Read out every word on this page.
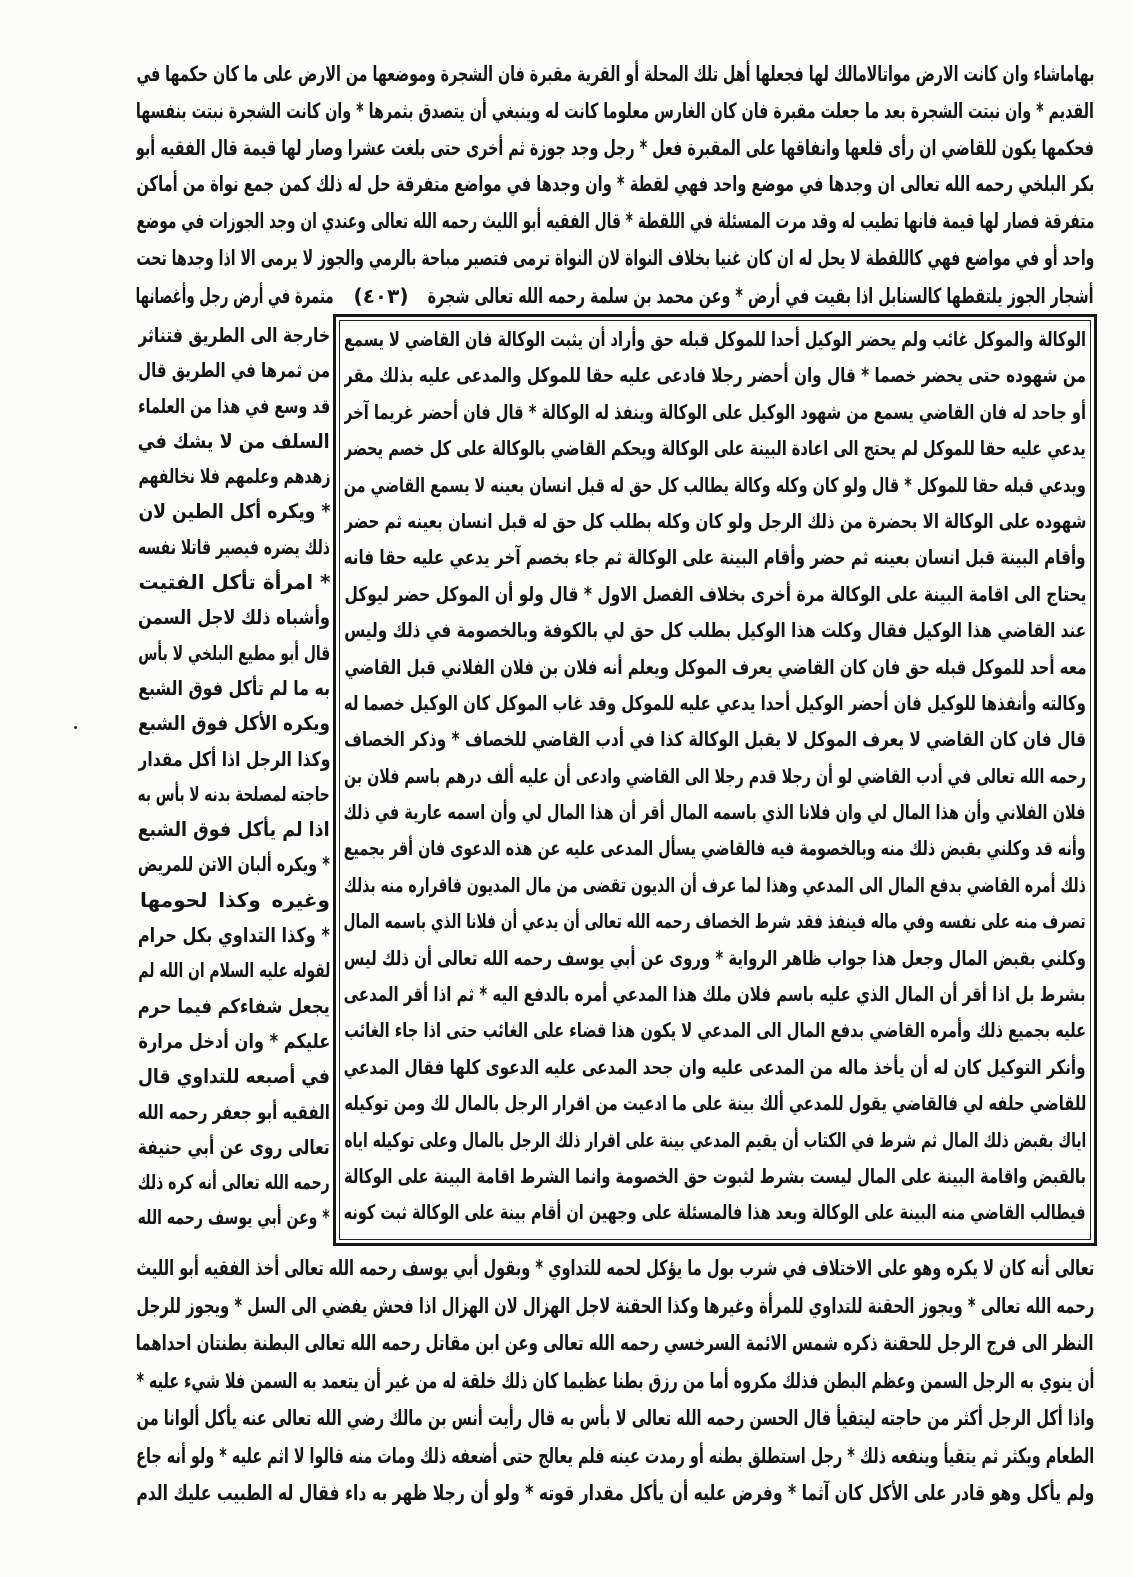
بهاماشاء وان كانت الارض مواتالامالك لها فجعلها أهل تلك المحلة أو القرية مقبرة فان الشجرة وموضعها من الارض على ما كان حكمها في
القديم * وان نبتت الشجرة بعد ما جعلت مقبرة فان كان الغارس معلوما كانت له وينبغي أن يتصدق بثمرها * وان كانت الشجرة نبتت بنفسها
فحكمها يكون للقاضي ان رأى قلعها وانفاقها على المقبرة فعل * رجل وجد جوزة ثم أخرى حتى بلغت عشرا وصار لها قيمة قال الفقيه أبو
بكر البلخي رحمه الله تعالى ان وجدها في موضع واحد فهي لقطة * وان وجدها في مواضع متفرقة حل له ذلك كمن جمع نواة من أماكن
متفرقة فصار لها قيمة فانها تطيب له وقد مرت المسئلة في اللقطة * قال الفقيه أبو الليث رحمه الله تعالى وعندي ان وجد الجوزات في موضع
واحد أو في مواضع فهي كاللقطة لا يحل له ان كان غنيا بخلاف النواة لان النواة ترمى فتصير مباحة بالرمي والجوز لا يرمى الا اذا وجدها تحت
أشجار الجوز يلتقطها كالسنابل اذا بقيت في أرض * وعن محمد بن سلمة رحمه الله تعالى شجرة
(٤٠٣)
مثمرة في أرض رجل وأغصانها
خارجة الى الطريق فتناثر
من ثمرها في الطريق قال
قد وسع في هذا من العلماء
السلف من لا يشك في
زهدهم وعلمهم فلا نخالفهم
* ويكره أكل الطين لان
ذلك يضره فيصير قاتلا نفسه
* امرأة تأكل الفتيت
وأشباه ذلك لاجل السمن
قال أبو مطيع البلخي لا بأس
به ما لم تأكل فوق الشبع
ويكره الأكل فوق الشبع
وكذا الرجل اذا أكل مقدار
حاجته لمصلحة بدنه لا بأس به
اذا لم يأكل فوق الشبع
* ويكره ألبان الاتن للمريض
وغيره وكذا لحومها
* وكذا التداوي بكل حرام
لقوله عليه السلام ان الله لم
يجعل شفاءكم فيما حرم
عليكم * وان أدخل مرارة
في أصبعه للتداوي قال
الفقيه أبو جعفر رحمه الله
تعالى روى عن أبي حنيفة
رحمه الله تعالى أنه كره ذلك
* وعن أبي يوسف رحمه الله
الوكالة والموكل غائب ولم يحضر الوكيل أحدا للموكل قبله حق وأراد أن يثبت الوكالة فان القاضي لا يسمع
من شهوده حتى يحضر خصما * قال وان أحضر رجلا فادعى عليه حقا للموكل والمدعى عليه بذلك مقر
أو جاحد له فان القاضي يسمع من شهود الوكيل على الوكالة وينفذ له الوكالة * قال فان أحضر غريما آخر
يدعي عليه حقا للموكل لم يحتج الى اعادة البينة على الوكالة ويحكم القاضي بالوكالة على كل خصم يحضر
ويدعي قبله حقا للموكل * قال ولو كان وكله وكالة يطالب كل حق له قبل انسان بعينه لا يسمع القاضي من
شهوده على الوكالة الا بحضرة من ذلك الرجل ولو كان وكله بطلب كل حق له قبل انسان بعينه ثم حضر
وأقام البينة قبل انسان بعينه ثم حضر وأقام البينة على الوكالة ثم جاء بخصم آخر يدعي عليه حقا فانه
يحتاج الى اقامة البينة على الوكالة مرة أخرى بخلاف الفصل الاول * قال ولو أن الموكل حضر ليوكل
عند القاضي هذا الوكيل فقال وكلت هذا الوكيل بطلب كل حق لي بالكوفة وبالخصومة في ذلك وليس
معه أحد للموكل قبله حق فان كان القاضي يعرف الموكل ويعلم أنه فلان بن فلان الفلاني قبل القاضي
وكالته وأنفذها للوكيل فان أحضر الوكيل أحدا يدعي عليه للموكل وقد غاب الموكل كان الوكيل خصما له
قال فان كان القاضي لا يعرف الموكل لا يقبل الوكالة كذا في أدب القاضي للخصاف * وذكر الخصاف
رحمه الله تعالى في أدب القاضي لو أن رجلا قدم رجلا الى القاضي وادعى أن عليه ألف درهم باسم فلان بن
فلان الفلاني وأن هذا المال لي وان فلانا الذي باسمه المال أقر أن هذا المال لي وأن اسمه عارية في ذلك
وأنه قد وكلني بقبض ذلك منه وبالخصومة فيه فالقاضي يسأل المدعى عليه عن هذه الدعوى فان أقر بجميع
ذلك أمره القاضي بدفع المال الى المدعي وهذا لما عرف أن الديون تقضى من مال المديون فاقراره منه بذلك
تصرف منه على نفسه وفي ماله فينفذ فقد شرط الخصاف رحمه الله تعالى أن يدعي أن فلانا الذي باسمه المال
وكلني بقبض المال وجعل هذا جواب ظاهر الرواية * وروى عن أبي يوسف رحمه الله تعالى أن ذلك ليس
بشرط بل اذا أقر أن المال الذي عليه باسم فلان ملك هذا المدعي أمره بالدفع اليه * ثم اذا أقر المدعى
عليه بجميع ذلك وأمره القاضي بدفع المال الى المدعي لا يكون هذا قضاء على الغائب حتى اذا جاء الغائب
وأنكر التوكيل كان له أن يأخذ ماله من المدعى عليه وان جحد المدعى عليه الدعوى كلها فقال المدعي
للقاضي حلفه لي فالقاضي يقول للمدعي ألك بينة على ما ادعيت من اقرار الرجل بالمال لك ومن توكيله
اياك بقبض ذلك المال ثم شرط في الكتاب أن يقيم المدعي بينة على اقرار ذلك الرجل بالمال وعلى توكيله اياه
بالقبض واقامة البينة على المال ليست بشرط لثبوت حق الخصومة وانما الشرط اقامة البينة على الوكالة
فيطالب القاضي منه البينة على الوكالة وبعد هذا فالمسئلة على وجهين ان أقام بينة على الوكالة ثبت كونه
تعالى أنه كان لا يكره وهو على الاختلاف في شرب بول ما يؤكل لحمه للتداوي * وبقول أبي يوسف رحمه الله تعالى أخذ الفقيه أبو الليث
رحمه الله تعالى * ويجوز الحقنة للتداوي للمرأة وغيرها وكذا الحقنة لاجل الهزال لان الهزال اذا فحش يفضي الى السل * ويجوز للرجل
النظر الى فرج الرجل للحقنة ذكره شمس الائمة السرخسي رحمه الله تعالى وعن ابن مقاتل رحمه الله تعالى البطنة بطنتان احداهما
أن ينوي به الرجل السمن وعظم البطن فذلك مكروه أما من رزق بطنا عظيما كان ذلك خلقة له من غير أن يتعمد به السمن فلا شيء عليه *
واذا أكل الرجل أكثر من حاجته ليتقيأ قال الحسن رحمه الله تعالى لا بأس به قال رأيت أنس بن مالك رضي الله تعالى عنه يأكل ألوانا من
الطعام ويكثر ثم يتقيأ وينفعه ذلك * رجل استطلق بطنه أو رمدت عينه فلم يعالج حتى أضعفه ذلك ومات منه قالوا لا اثم عليه * ولو أنه جاع
ولم يأكل وهو قادر على الأكل كان آثما * وفرض عليه أن يأكل مقدار قوته * ولو أن رجلا ظهر به داء فقال له الطبيب عليك الدم
